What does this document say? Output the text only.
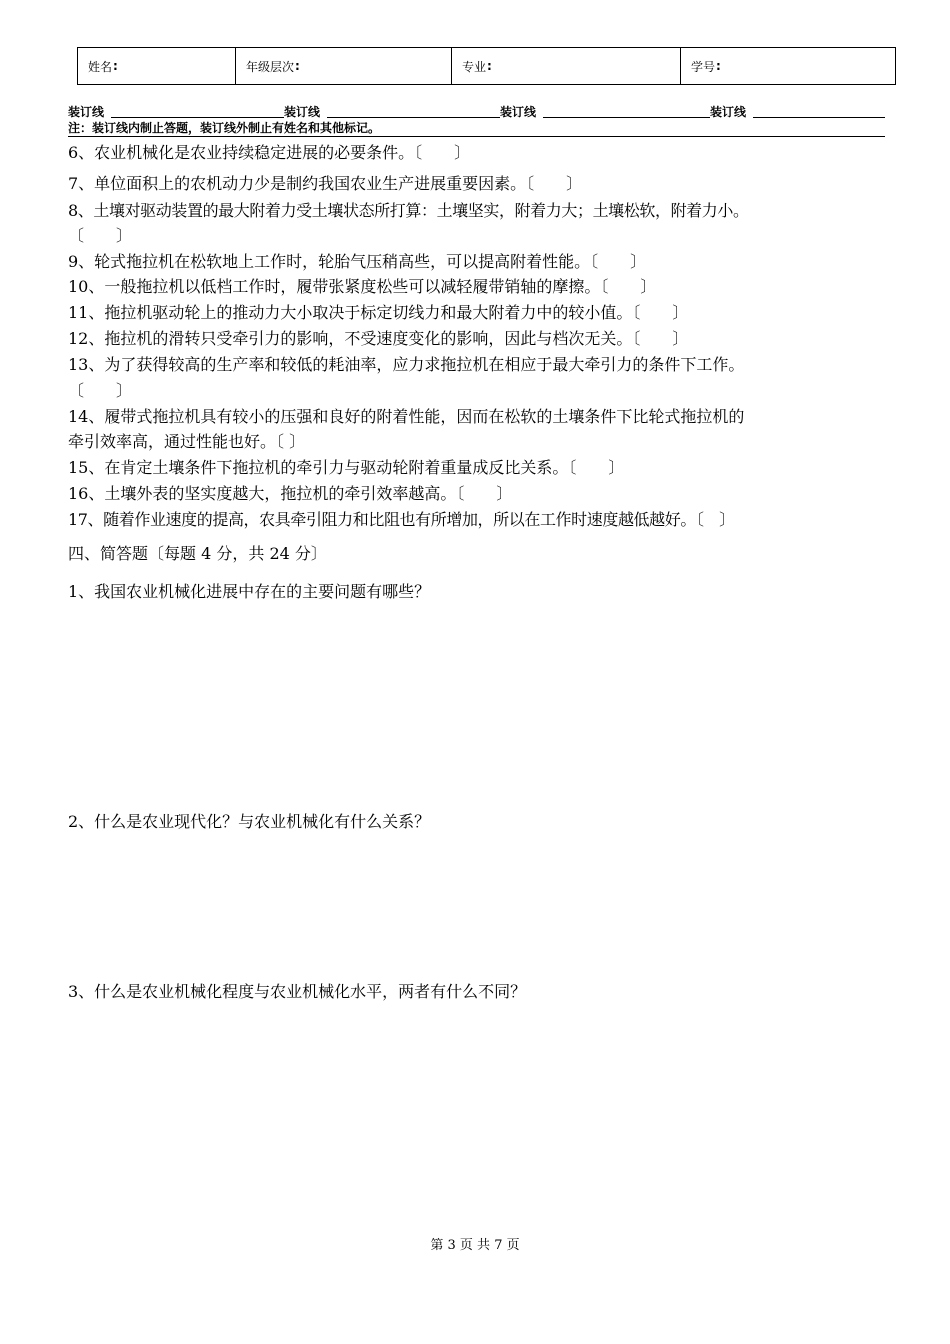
姓名 :	年级层次 :	专业 :	学号 :
装订线	装订线	装订线	装订线
注：装订线内制止答题，装订线外制止有姓名和其他标记。
6、农业机械化是农业持续稳定进展的必要条件。〔　　〕
7、单位面积上的农机动力少是制约我国农业生产进展重要因素。〔　　〕
8、土壤对驱动装置的最大附着力受土壤状态所打算：土壤坚实，附着力大；土壤松软，附着力小。
〔　　〕
9、轮式拖拉机在松软地上工作时，轮胎气压稍高些，可以提高附着性能。〔　　〕
10、一般拖拉机以低档工作时，履带张紧度松些可以减轻履带销轴的摩擦。〔　　〕
11、拖拉机驱动轮上的推动力大小取决于标定切线力和最大附着力中的较小值。〔　　〕
12、拖拉机的滑转只受牵引力的影响，不受速度变化的影响，因此与档次无关。〔　　〕
13、为了获得较高的生产率和较低的耗油率，应力求拖拉机在相应于最大牵引力的条件下工作。
〔　　〕
14、履带式拖拉机具有较小的压强和良好的附着性能，因而在松软的土壤条件下比轮式拖拉机的
牵引效率高，通过性能也好。〔 〕
15、在肯定土壤条件下拖拉机的牵引力与驱动轮附着重量成反比关系。〔　　〕
16、土壤外表的坚实度越大，拖拉机的牵引效率越高。〔　　〕
17、随着作业速度的提高，农具牵引阻力和比阻也有所增加，所以在工作时速度越低越好。〔　〕
四、简答题〔每题 4 分，共 24 分〕
1、我国农业机械化进展中存在的主要问题有哪些？
2、什么是农业现代化？与农业机械化有什么关系？
3、什么是农业机械化程度与农业机械化水平，两者有什么不同？
第 3 页 共 7 页
